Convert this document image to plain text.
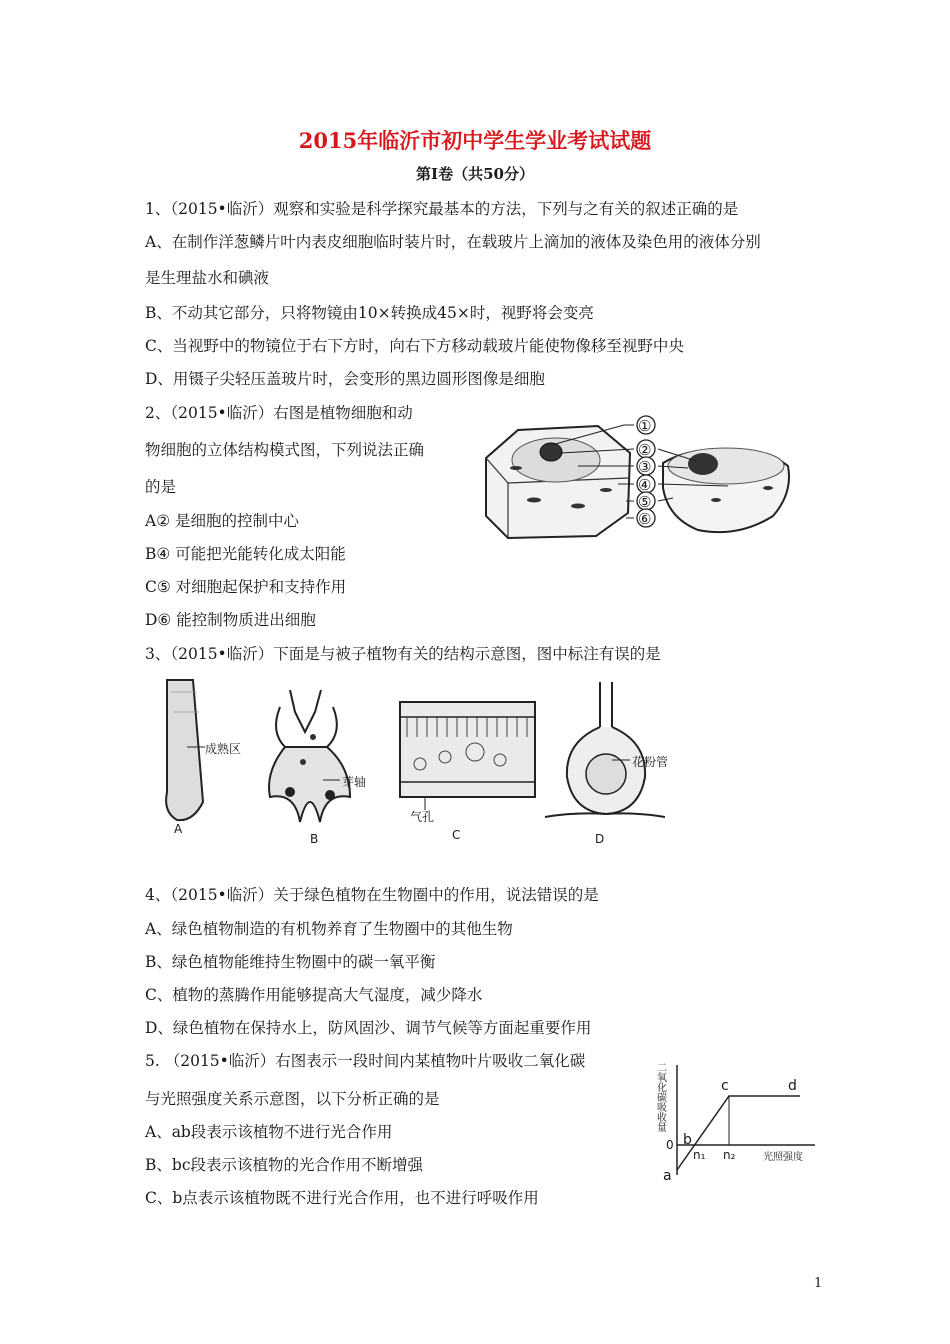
2015年临沂市初中学生学业考试试题
第Ⅰ卷（共50分）
1、（2015•临沂）观察和实验是科学探究最基本的方法，下列与之有关的叙述正确的是
A、在制作洋葱鳞片叶内表皮细胞临时装片时，在载玻片上滴加的液体及染色用的液体分别
是生理盐水和碘液
B、不动其它部分，只将物镜由10×转换成45×时，视野将会变亮
C、当视野中的物镜位于右下方时，向右下方移动载玻片能使物像移至视野中央
D、用镊子尖轻压盖玻片时，会变形的黑边圆形图像是细胞
2、（2015•临沂）右图是植物细胞和动
物细胞的立体结构模式图，下列说法正确
的是
A② 是细胞的控制中心
B④ 可能把光能转化成太阳能
C⑤ 对细胞起保护和支持作用
D⑥ 能控制物质进出细胞
①
②
③
④
⑤
⑥
3、（2015•临沂）下面是与被子植物有关的结构示意图，图中标注有误的是
成熟区
A
芽轴
B
气孔
C
花粉管
D
4、（2015•临沂）关于绿色植物在生物圈中的作用，说法错误的是
A、绿色植物制造的有机物养育了生物圈中的其他生物
B、绿色植物能维持生物圈中的碳一氧平衡
C、植物的蒸腾作用能够提高大气湿度，减少降水
D、绿色植物在保持水上，防风固沙、调节气候等方面起重要作用
5. （2015•临沂）右图表示一段时间内某植物叶片吸收二氧化碳
与光照强度关系示意图，以下分析正确的是
A、ab段表示该植物不进行光合作用
B、bc段表示该植物的光合作用不断增强
C、b点表示该植物既不进行光合作用，也不进行呼吸作用
二氧化碳吸收量
光照强度
0
a
b
c	d
n₁ n₂
1
